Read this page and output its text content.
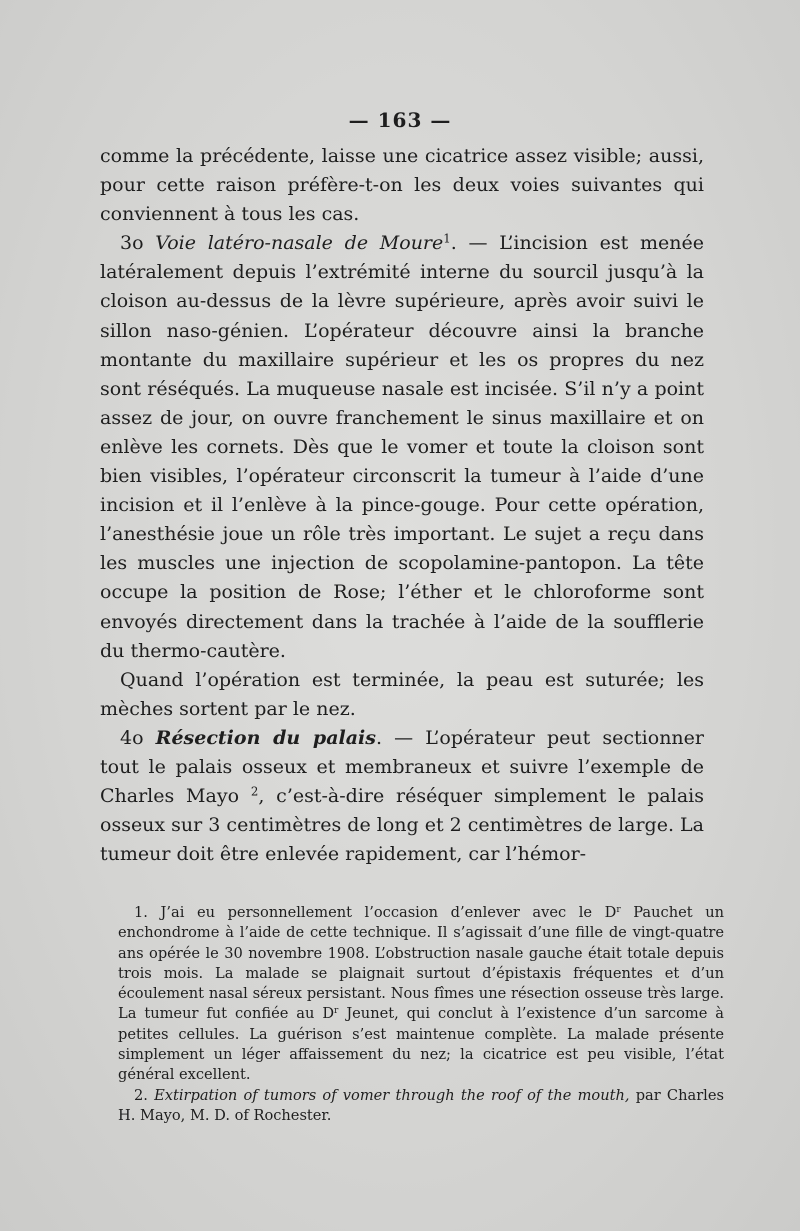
— 163 —

comme la précédente, laisse une cicatrice assez visible; aussi, pour cette raison préfère-t-on les deux voies suivantes qui conviennent à tous les cas.

3o Voie latéro-nasale de Moure$^1$. — L’incision est menée latéralement depuis l’extrémité interne du sourcil jusqu’à la cloison au-dessus de la lèvre supérieure, après avoir suivi le sillon naso-génien. L’opérateur découvre ainsi la branche montante du maxillaire supérieur et les os propres du nez sont réséqués. La muqueuse nasale est incisée. S’il n’y a point assez de jour, on ouvre franchement le sinus maxillaire et on enlève les cornets. Dès que le vomer et toute la cloison sont bien visibles, l’opérateur circonscrit la tumeur à l’aide d’une incision et il l’enlève à la pince-gouge. Pour cette opération, l’anesthésie joue un rôle très important. Le sujet a reçu dans les muscles une injection de scopolamine-pantopon. La tête occupe la position de Rose; l’éther et le chloroforme sont envoyés directement dans la trachée à l’aide de la soufflerie du thermo-cautère.

Quand l’opération est terminée, la peau est suturée; les mèches sortent par le nez.

4o Résection du palais. — L’opérateur peut sectionner tout le palais osseux et membraneux et suivre l’exemple de Charles Mayo $^2$, c’est-à-dire réséquer simplement le palais osseux sur 3 centimètres de long et 2 centimètres de large. La tumeur doit être enlevée rapidement, car l’hémor-

1. J’ai eu personnellement l’occasion d’enlever avec le $D^r$ Pauchet un enchondrome à l’aide de cette technique. Il s’agissait d’une fille de vingt-quatre ans opérée le 30 novembre 1908. L’obstruction nasale gauche était totale depuis trois mois. La malade se plaignait surtout d’épistaxis fréquentes et d’un écoulement nasal séreux persistant. Nous fîmes une résection osseuse très large. La tumeur fut confiée au $D^r$ Jeunet, qui conclut à l’existence d’un sarcome à petites cellules. La guérison s’est maintenue complète. La malade présente simplement un léger affaissement du nez; la cicatrice est peu visible, l’état général excellent.

2. Extirpation of tumors of vomer through the roof of the mouth, par Charles H. Mayo, M. D. of Rochester.
